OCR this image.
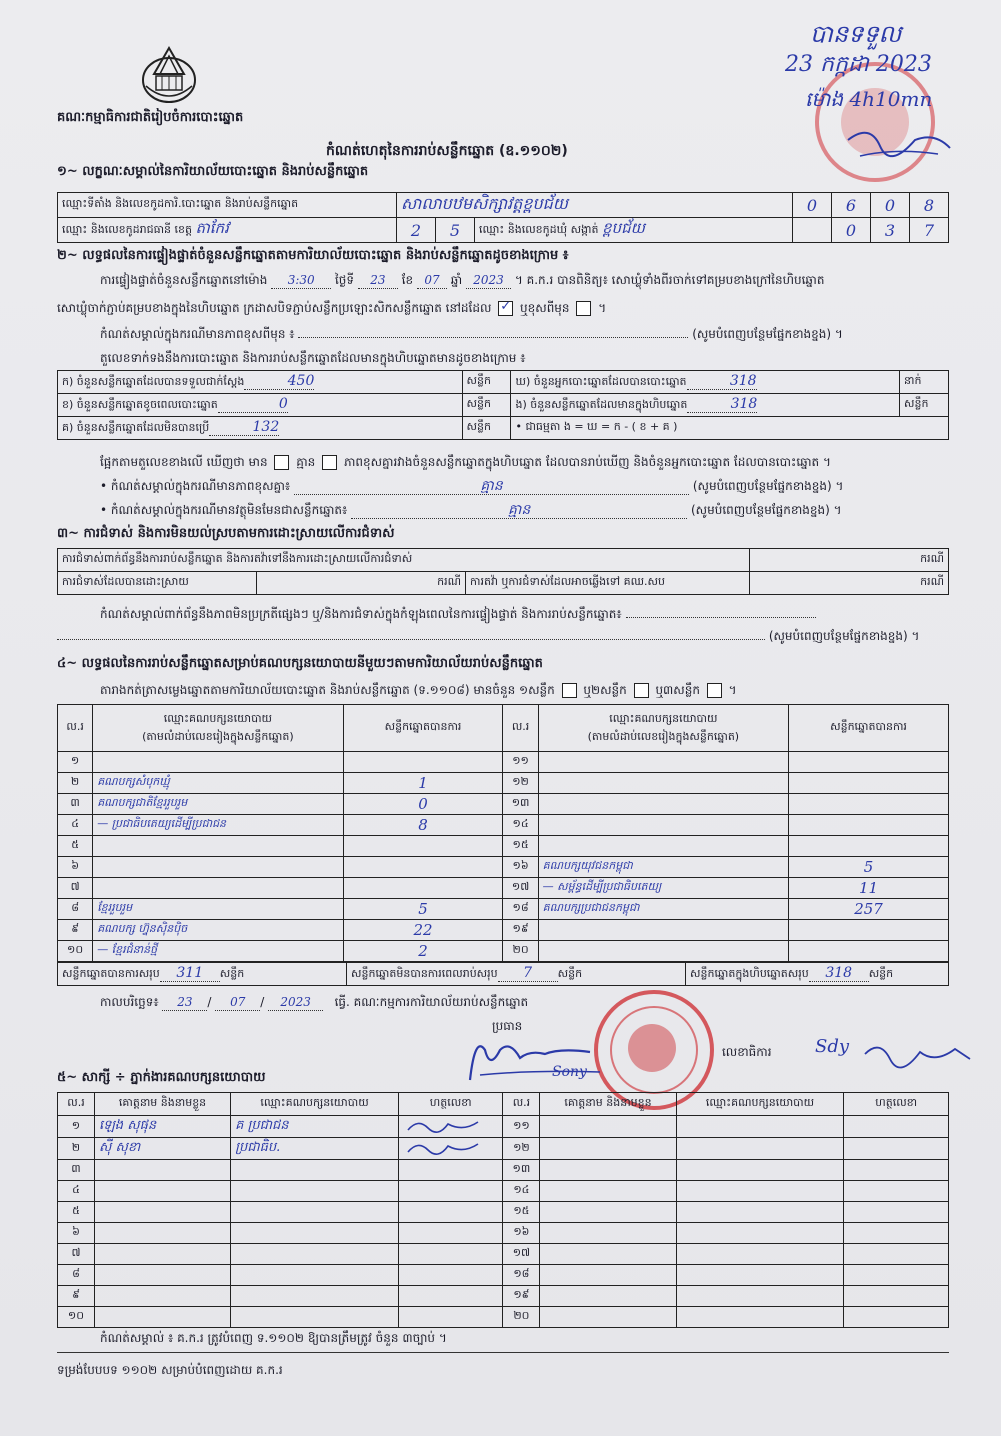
គណៈកម្មាធិការជាតិរៀបចំការបោះឆ្នោត
កំណត់ហេតុនៃការរាប់សន្លឹកឆ្នោត (ឧ.១១០២)
បានទទួល
23 កក្កដា 2023
ម៉ោង 4h10mn
១~ លក្ខណៈសម្គាល់នៃការិយាល័យបោះឆ្នោត និងរាប់សន្លឹកឆ្នោត
ឈ្មោះទីតាំង និងលេខកូដការិ.បោះឆ្នោត និងរាប់សន្លឹកឆ្នោត	សាលាបឋមសិក្សាវត្តខ្ពបជ័យ			0	6	0	8
ឈ្មោះ និងលេខកូដរាជធានី ខេត្ត តាកែវ	2	5	ឈ្មោះ និងលេខកូដឃុំ សង្កាត់ ខ្ពបជ័យ		0	3	7
២~ លទ្ធផលនៃការផ្ទៀងផ្ទាត់ចំនួនសន្លឹកឆ្នោតតាមការិយាល័យបោះឆ្នោត និងរាប់សន្លឹកឆ្នោតដូចខាងក្រោម ៖
ការផ្ទៀងផ្ទាត់ចំនួនសន្លឹកឆ្នោតនៅម៉ោង 3:30 ថ្ងៃទី 23 ខែ 07 ឆ្នាំ 2023 ។ គ.ក.រ បានពិនិត្យ៖ សោឃ្លុំទាំងពីរចាក់ទៅគម្របខាងក្រៅនៃហិបឆ្នោត
សោឃ្លុំចាក់ភ្ជាប់គម្របខាងក្នុងនៃហិបឆ្នោត ក្រដាសបិទភ្ជាប់សន្លឹកប្រឡោះសិកសន្លឹកឆ្នោត នៅដដែល ✓ ឬខុសពីមុន  ។
កំណត់សម្គាល់ក្នុងករណីមានភាពខុសពីមុន ៖	(សូមបំពេញបន្ថែមផ្នែកខាងខ្នង) ។
តួលេខទាក់ទងនឹងការបោះឆ្នោត និងការរាប់សន្លឹកឆ្នោតដែលមានក្នុងហិបឆ្នោតមានដូចខាងក្រោម ៖
ក) ចំនួនសន្លឹកឆ្នោតដែលបានទទួលជាក់ស្តែង 450	សន្លឹក	ឃ) ចំនួនអ្នកបោះឆ្នោតដែលបានបោះឆ្នោត 318	នាក់
ខ) ចំនួនសន្លឹកឆ្នោតខូចពេលបោះឆ្នោត 0	សន្លឹក	ង) ចំនួនសន្លឹកឆ្នោតដែលមានក្នុងហិបឆ្នោត 318	សន្លឹក
គ) ចំនួនសន្លឹកឆ្នោតដែលមិនបានប្រើ 132	សន្លឹក	• ជាធម្មតា ង = ឃ = ក - ( ខ + គ )	
ផ្អែកតាមតួលេខខាងលើ ឃើញថា មាន គ្មាន ភាពខុសគ្នារវាងចំនួនសន្លឹកឆ្នោតក្នុងហិបឆ្នោត ដែលបានរាប់ឃើញ និងចំនួនអ្នកបោះឆ្នោត ដែលបានបោះឆ្នោត ។
• កំណត់សម្គាល់ក្នុងករណីមានភាពខុសគ្នា៖	គ្មាន	(សូមបំពេញបន្ថែមផ្នែកខាងខ្នង) ។
• កំណត់សម្គាល់ក្នុងករណីមានវត្ថុមិនមែនជាសន្លឹកឆ្នោត៖	គ្មាន	(សូមបំពេញបន្ថែមផ្នែកខាងខ្នង) ។
៣~ ការជំទាស់ និងការមិនយល់ស្របតាមការដោះស្រាយលើការជំទាស់
ការជំទាស់ពាក់ព័ន្ធនឹងការរាប់សន្លឹកឆ្នោត និងការតវ៉ាទៅនឹងការដោះស្រាយលើការជំទាស់			ករណី
ការជំទាស់ដែលបានដោះស្រាយ	ករណី	ការតវ៉ា ឬការជំទាស់ដែលអាចឆ្លើងទៅ គឈ.សប	ករណី
កំណត់សម្គាល់ពាក់ព័ន្ធនឹងភាពមិនប្រក្រតីផ្សេងៗ ឬ/និងការជំទាស់ក្នុងកំឡុងពេលនៃការផ្ទៀងផ្ទាត់ និងការរាប់សន្លឹកឆ្នោត៖
(សូមបំពេញបន្ថែមផ្នែកខាងខ្នង) ។
៤~ លទ្ធផលនៃការរាប់សន្លឹកឆ្នោតសម្រាប់គណបក្សនយោបាយនីមួយៗតាមការិយាល័យរាប់សន្លឹកឆ្នោត
តារាងកត់ត្រាសម្លេងឆ្នោតតាមការិយាល័យបោះឆ្នោត និងរាប់សន្លឹកឆ្នោត (ទ.១១០៨) មានចំនួន ១សន្លឹក ឬ២សន្លឹក ឬ៣សន្លឹក  ។
ល.រ	ឈ្មោះគណបក្សនយោបាយ
(តាមលំដាប់លេខរៀងក្នុងសន្លឹកឆ្នោត)	សន្លឹកឆ្នោតបានការ	ល.រ	ឈ្មោះគណបក្សនយោបាយ
(តាមលំដាប់លេខរៀងក្នុងសន្លឹកឆ្នោត)	សន្លឹកឆ្នោតបានការ
១			១១		
២	គណបក្សសំបុកឃ្មុំ	1	១២		
៣	គណបក្សជាតិខ្មែររួបរួម	0	១៣		
៤	— ប្រជាធិបតេយ្យដើម្បីប្រជាជន	8	១៤		
៥			១៥		
៦			១៦	គណបក្សយុវជនកម្ពុជា	5
៧			១៧	— សម្ព័ន្ធដើម្បីប្រជាធិបតេយ្យ	11
៨	ខ្មែររួបរួម	5	១៨	គណបក្សប្រជាជនកម្ពុជា	257
៩	គណបក្ស ហ្វ៊ុនស៊ិនប៉ិច	22	១៩		
១០	— ខ្មែរជំនាន់ថ្មី	2	២០		
សន្លឹកឆ្នោតបានការសរុប 311 សន្លឹក	សន្លឹកឆ្នោតមិនបានការពេលរាប់សរុប 7 សន្លឹក	សន្លឹកឆ្នោតក្នុងហិបឆ្នោតសរុប 318 សន្លឹក
កាលបរិច្ឆេទ៖ 23 / 07 / 2023 ធ្វើ. គណៈកម្មការការិយាល័យរាប់សន្លឹកឆ្នោត
ប្រធាន
Sony
លេខាធិការ Sdy
៥~ សាក្សី ÷ ភ្នាក់ងារគណបក្សនយោបាយ
ល.រ	គោត្តនាម និងនាមខ្លួន	ឈ្មោះគណបក្សនយោបាយ	ហត្ថលេខា	ល.រ	គោត្តនាម និងនាមខ្លួន	ឈ្មោះគណបក្សនយោបាយ	ហត្ថលេខា
១	ឡេង សុផុន	គ ប្រជាជន		១១			
២	ស៊ី សុខា	ប្រជាធិប.		១២			
៣				១៣			
៤				១៤			
៥				១៥			
៦				១៦			
៧				១៧			
៨				១៨			
៩				១៩			
១០				២០			
កំណត់សម្គាល់ ៖ គ.ក.រ ត្រូវបំពេញ ទ.១១០២ ឱ្យបានត្រឹមត្រូវ ចំនួន ៣ច្បាប់ ។
ទម្រង់បែបបទ ១១០២ សម្រាប់បំពេញដោយ គ.ក.រ
